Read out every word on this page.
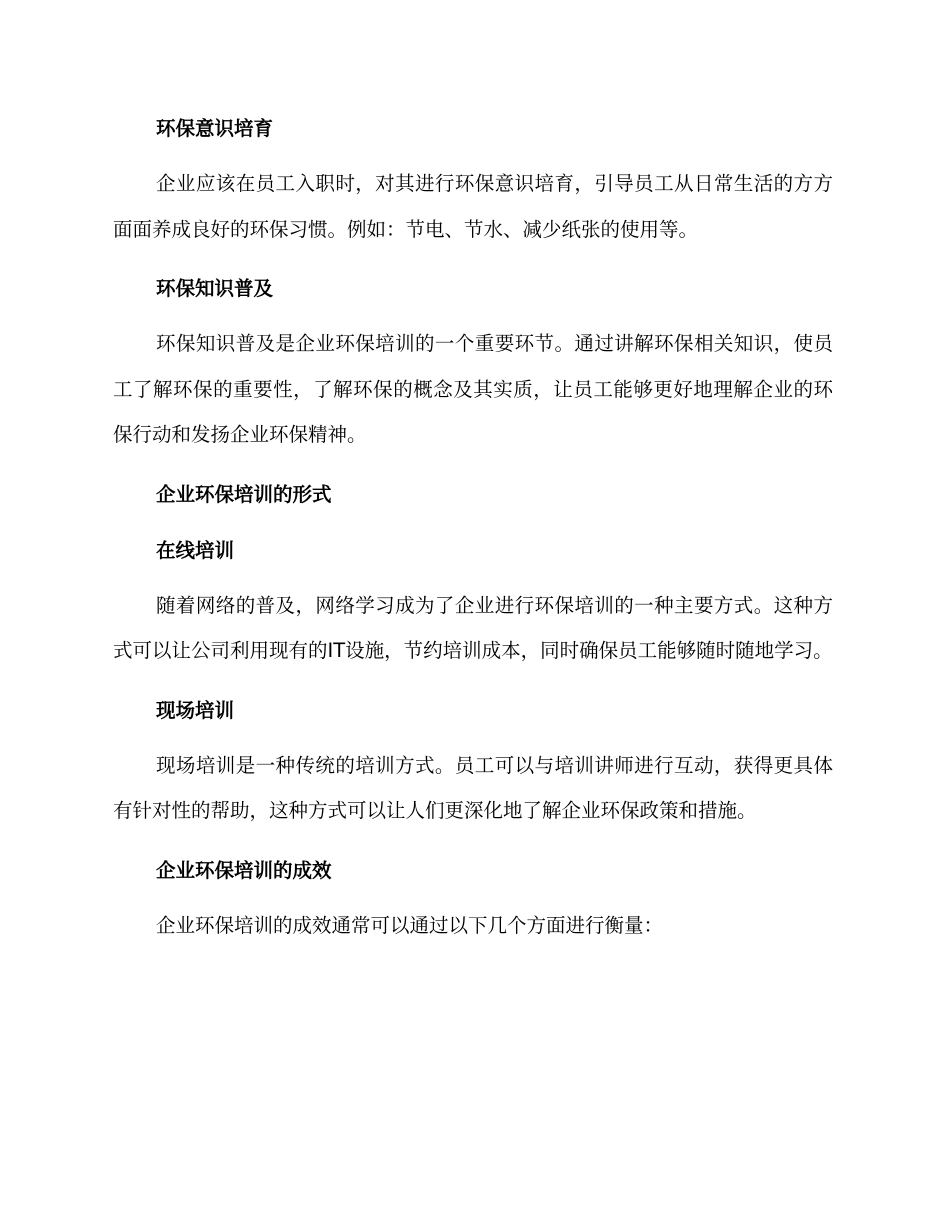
环保意识培育

企业应该在员工入职时，对其进行环保意识培育，引导员工从日常生活的方方面面养成良好的环保习惯。例如：节电、节水、减少纸张的使用等。

环保知识普及

环保知识普及是企业环保培训的一个重要环节。通过讲解环保相关知识，使员工了解环保的重要性，了解环保的概念及其实质，让员工能够更好地理解企业的环保行动和发扬企业环保精神。

企业环保培训的形式
在线培训

随着网络的普及，网络学习成为了企业进行环保培训的一种主要方式。这种方式可以让公司利用现有的IT设施，节约培训成本，同时确保员工能够随时随地学习。

现场培训

现场培训是一种传统的培训方式。员工可以与培训讲师进行互动，获得更具体有针对性的帮助，这种方式可以让人们更深化地了解企业环保政策和措施。

企业环保培训的成效

企业环保培训的成效通常可以通过以下几个方面进行衡量：
